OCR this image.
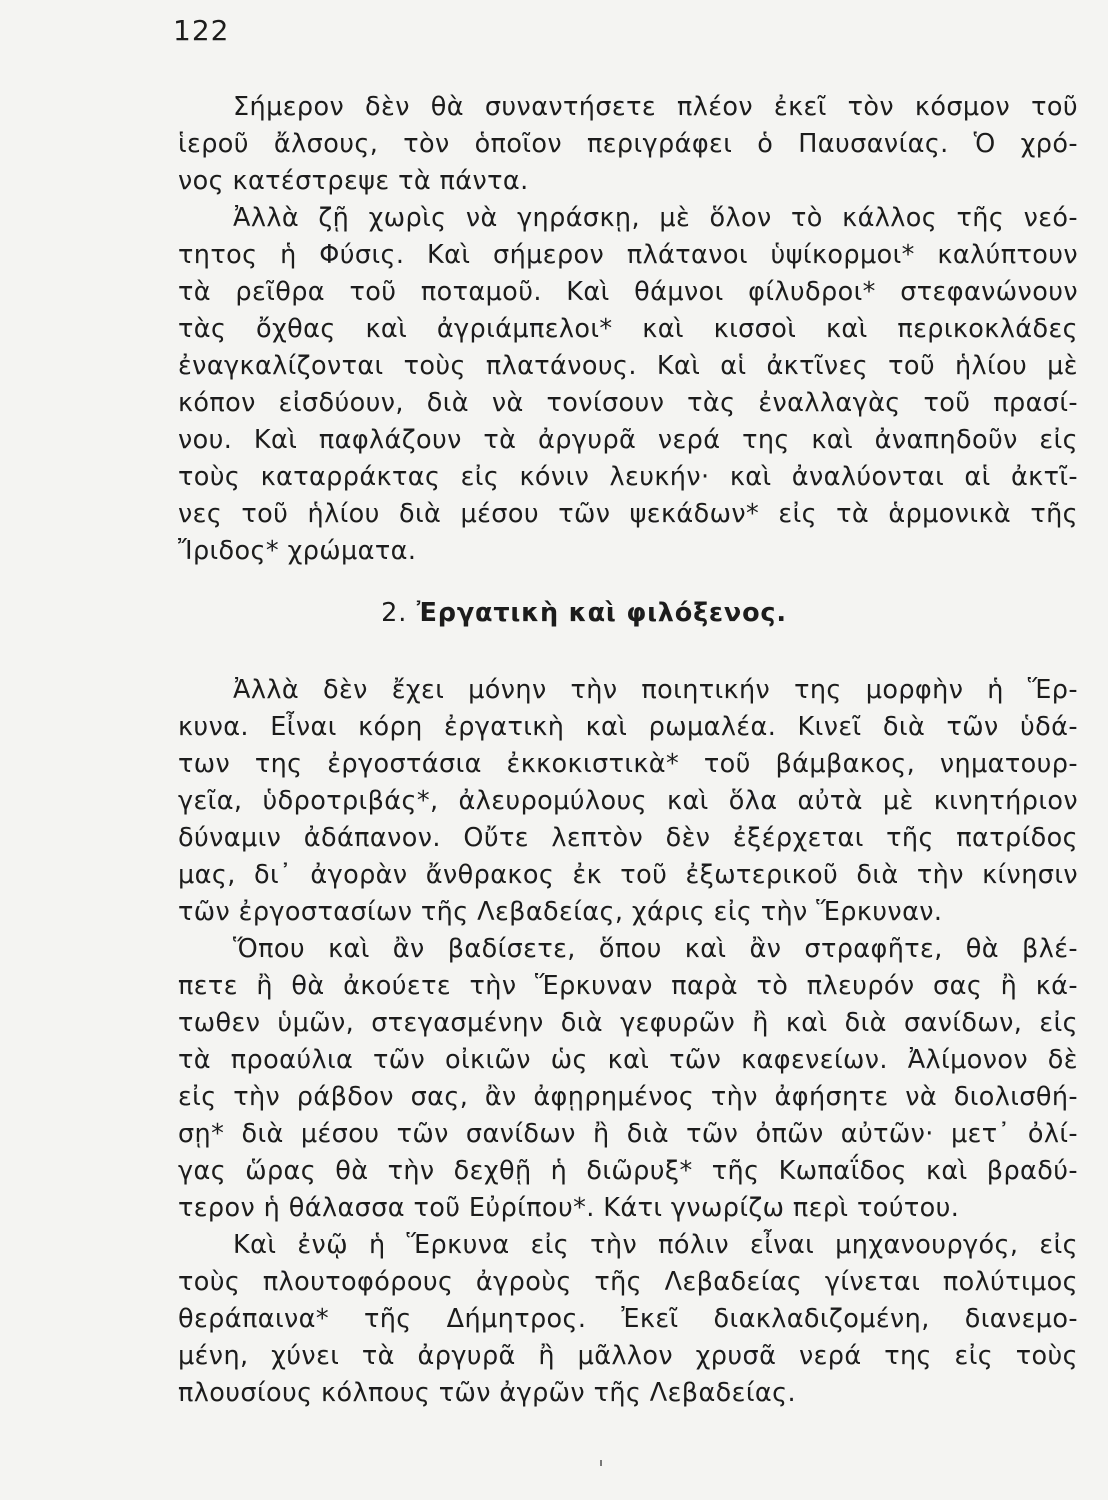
122
Σήμερον δὲν θὰ συναντήσετε πλέον ἐκεῖ τὸν κόσμον τοῦ
ἱεροῦ ἄλσους, τὸν ὁποῖον περιγράφει ὁ Παυσανίας. Ὁ χρό-
νος κατέστρεψε τὰ πάντα.
Ἀλλὰ ζῇ χωρὶς νὰ γηράσκῃ, μὲ ὅλον τὸ κάλλος τῆς νεό-
τητος ἡ Φύσις. Καὶ σήμερον πλάτανοι ὑψίκορμοι* καλύπτουν
τὰ ρεῖθρα τοῦ ποταμοῦ. Καὶ θάμνοι φίλυδροι* στεφανώνουν
τὰς ὄχθας καὶ ἀγριάμπελοι* καὶ κισσοὶ καὶ περικοκλάδες
ἐναγκαλίζονται τοὺς πλατάνους. Καὶ αἱ ἀκτῖνες τοῦ ἡλίου μὲ
κόπον εἰσδύουν, διὰ νὰ τονίσουν τὰς ἐναλλαγὰς τοῦ πρασί-
νου. Καὶ παφλάζουν τὰ ἀργυρᾶ νερά της καὶ ἀναπηδοῦν εἰς
τοὺς καταρράκτας εἰς κόνιν λευκήν· καὶ ἀναλύονται αἱ ἀκτῖ-
νες τοῦ ἡλίου διὰ μέσου τῶν ψεκάδων* εἰς τὰ ἁρμονικὰ τῆς
Ἴριδος* χρώματα.
2. Ἐργατικὴ καὶ φιλόξενος.
Ἀλλὰ δὲν ἔχει μόνην τὴν ποιητικήν της μορφὴν ἡ Ἕρ-
κυνα. Εἶναι κόρη ἐργατικὴ καὶ ρωμαλέα. Κινεῖ διὰ τῶν ὑδά-
των της ἐργοστάσια ἐκκοκιστικὰ* τοῦ βάμβακος, νηματουρ-
γεῖα, ὑδροτριβάς*, ἀλευρομύλους καὶ ὅλα αὐτὰ μὲ κινητήριον
δύναμιν ἀδάπανον. Οὔτε λεπτὸν δὲν ἐξέρχεται τῆς πατρίδος
μας, δι᾽ ἀγορὰν ἄνθρακος ἐκ τοῦ ἐξωτερικοῦ διὰ τὴν κίνησιν
τῶν ἐργοστασίων τῆς Λεβαδείας, χάρις εἰς τὴν Ἕρκυναν.
Ὅπου καὶ ἂν βαδίσετε, ὅπου καὶ ἂν στραφῆτε, θὰ βλέ-
πετε ἢ θὰ ἀκούετε τὴν Ἕρκυναν παρὰ τὸ πλευρόν σας ἢ κά-
τωθεν ὑμῶν, στεγασμένην διὰ γεφυρῶν ἢ καὶ διὰ σανίδων, εἰς
τὰ προαύλια τῶν οἰκιῶν ὡς καὶ τῶν καφενείων. Ἀλίμονον δὲ
εἰς τὴν ράβδον σας, ἂν ἀφῃρημένος τὴν ἀφήσητε νὰ διολισθή-
σῃ* διὰ μέσου τῶν σανίδων ἢ διὰ τῶν ὀπῶν αὐτῶν· μετ᾽ ὀλί-
γας ὥρας θὰ τὴν δεχθῇ ἡ διῶρυξ* τῆς Κωπαΐδος καὶ βραδύ-
τερον ἡ θάλασσα τοῦ Εὐρίπου*. Κάτι γνωρίζω περὶ τούτου.
Καὶ ἐνῷ ἡ Ἕρκυνα εἰς τὴν πόλιν εἶναι μηχανουργός, εἰς
τοὺς πλουτοφόρους ἀγροὺς τῆς Λεβαδείας γίνεται πολύτιμος
θεράπαινα* τῆς Δήμητρος. Ἐκεῖ διακλαδιζομένη, διανεμο-
μένη, χύνει τὰ ἀργυρᾶ ἢ μᾶλλον χρυσᾶ νερά της εἰς τοὺς
πλουσίους κόλπους τῶν ἀγρῶν τῆς Λεβαδείας.
